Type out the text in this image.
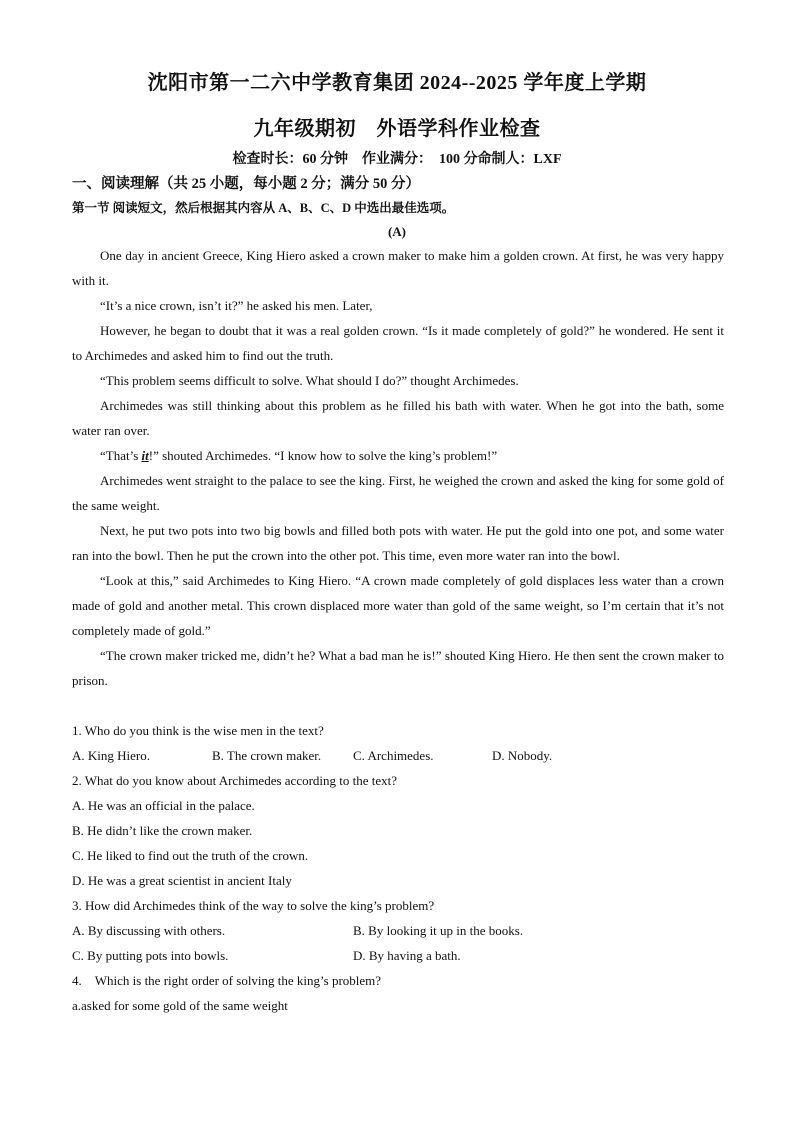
沈阳市第一二六中学教育集团 2024--2025 学年度上学期
九年级期初　外语学科作业检查
检查时长：60 分钟　作业满分：　100 分命制人：LXF
一、阅读理解（共 25 小题，每小题 2 分；满分 50 分）
第一节 阅读短文，然后根据其内容从 A、B、C、D 中选出最佳选项。
(A)

One day in ancient Greece, King Hiero asked a crown maker to make him a golden crown. At first, he was very happy with it.

“It’s a nice crown, isn’t it?” he asked his men. Later,

However, he began to doubt that it was a real golden crown. “Is it made completely of gold?” he wondered. He sent it to Archimedes and asked him to find out the truth.

“This problem seems difficult to solve. What should I do?” thought Archimedes.

Archimedes was still thinking about this problem as he filled his bath with water. When he got into the bath, some water ran over.

“That’s it!” shouted Archimedes. “I know how to solve the king’s problem!”

Archimedes went straight to the palace to see the king. First, he weighed the crown and asked the king for some gold of the same weight.

Next, he put two pots into two big bowls and filled both pots with water. He put the gold into one pot, and some water ran into the bowl. Then he put the crown into the other pot. This time, even more water ran into the bowl.

“Look at this,” said Archimedes to King Hiero. “A crown made completely of gold displaces less water than a crown made of gold and another metal. This crown displaced more water than gold of the same weight, so I’m certain that it’s not completely made of gold.”

“The crown maker tricked me, didn’t he? What a bad man he is!” shouted King Hiero. He then sent the crown maker to prison.

1. Who do you think is the wise men in the text?
A. King Hiero.	B. The crown maker. C. Archimedes.	D. Nobody.
2. What do you know about Archimedes according to the text?
A. He was an official in the palace.
B. He didn’t like the crown maker.
C. He liked to find out the truth of the crown.
D. He was a great scientist in ancient Italy
3. How did Archimedes think of the way to solve the king’s problem?
A. By discussing with others.	B. By looking it up in the books.
C. By putting pots into bowls.	D. By having a bath.
4.　Which is the right order of solving the king’s problem?
a.asked for some gold of the same weight
